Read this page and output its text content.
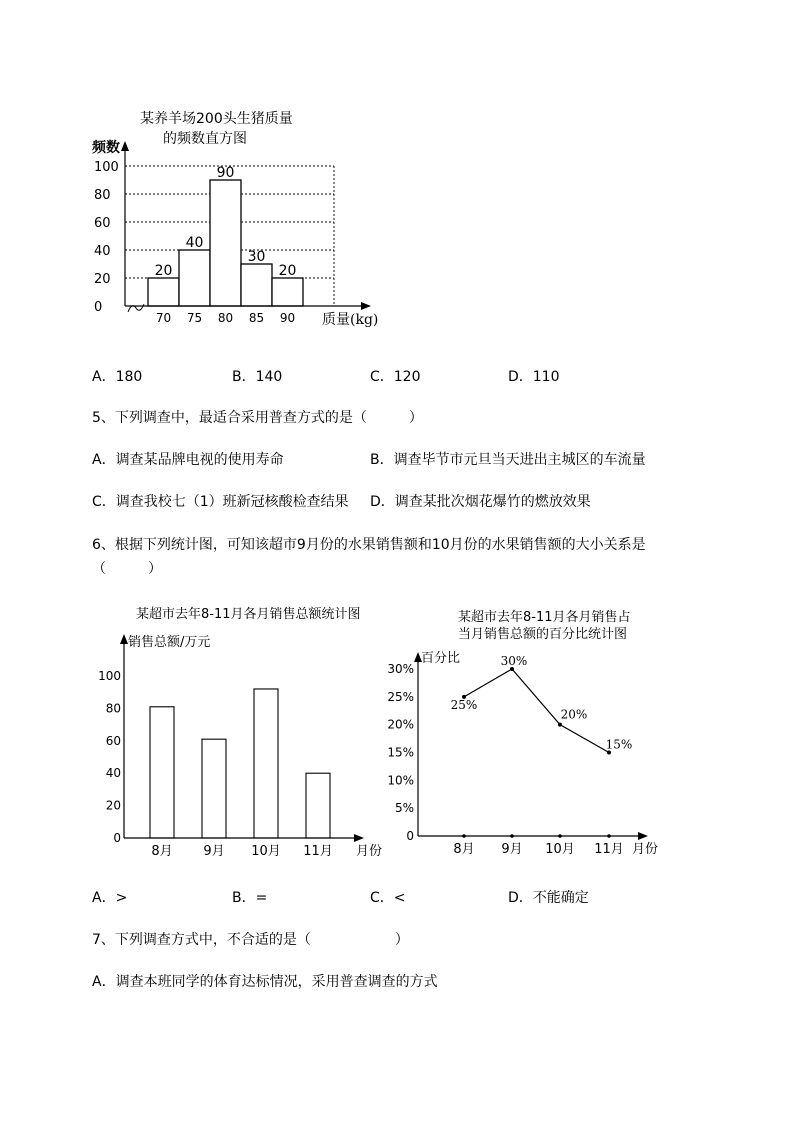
某养羊场200头生猪质量
的频数直方图
频数
质量(kg)
20
40
90
30
20
100
80
60
40
20
0
70 75 80 85 90
A．180	B．140	C．120	D．110
5、下列调查中，最适合采用普查方式的是（　　　）
A．调查某品牌电视的使用寿命	B．调查毕节市元旦当天进出主城区的车流量
C．调查我校七（1）班新冠核酸检查结果 D．调查某批次烟花爆竹的燃放效果
6、根据下列统计图，可知该超市9月份的水果销售额和10月份的水果销售额的大小关系是
（　　　）
某超市去年8-11月各月销售总额统计图
销售总额/万元
月份
100
80
60
40
20
0
8月 9月 10月 11月
某超市去年8-11月各月销售占
当月销售总额的百分比统计图
百分比
月份
30%
25%
20%
15%
10%
5%
0
8月 9月 10月 11月
25%
30%
20%
15%
A．>	B．=	C．<	D．不能确定
7、下列调查方式中，不合适的是（　　　　　　）
A．调查本班同学的体育达标情况，采用普查调查的方式
